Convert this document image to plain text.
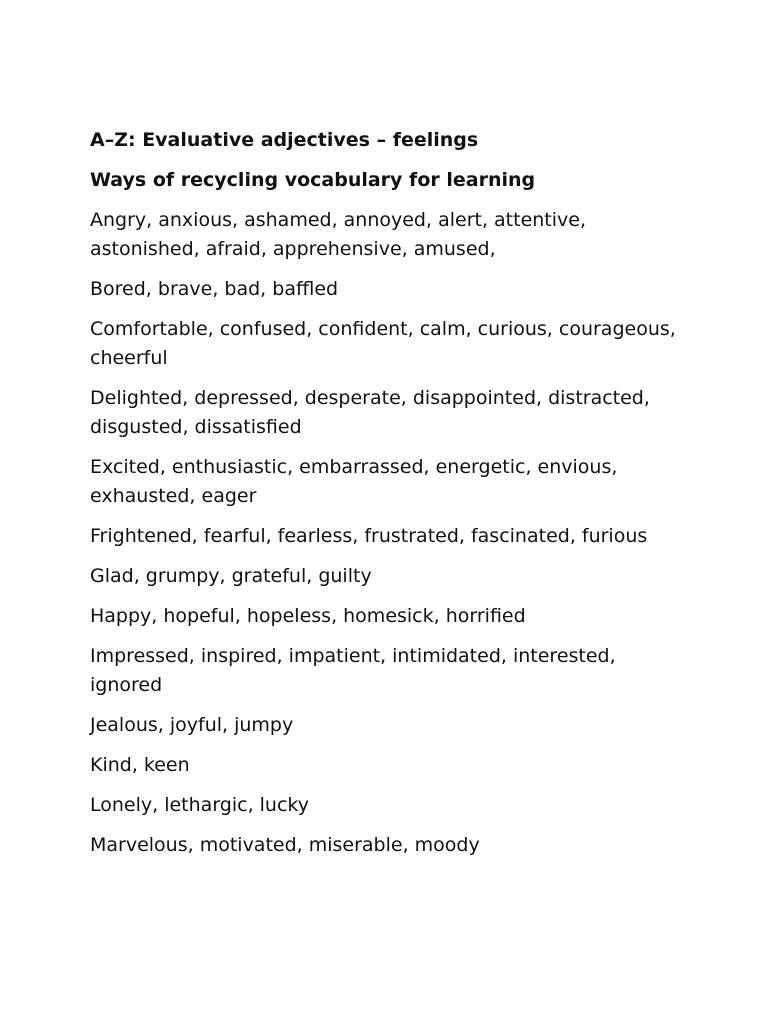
A–Z: Evaluative adjectives – feelings
Ways of recycling vocabulary for learning
Angry, anxious, ashamed, annoyed, alert, attentive, astonished, afraid, apprehensive, amused,
Bored, brave, bad, baffled
Comfortable, confused, confident, calm, curious, courageous, cheerful
Delighted, depressed, desperate, disappointed, distracted, disgusted, dissatisfied
Excited, enthusiastic, embarrassed, energetic, envious, exhausted, eager
Frightened, fearful, fearless, frustrated, fascinated, furious
Glad, grumpy, grateful, guilty
Happy, hopeful, hopeless, homesick, horrified
Impressed, inspired, impatient, intimidated, interested, ignored
Jealous, joyful, jumpy
Kind, keen
Lonely, lethargic, lucky
Marvelous, motivated, miserable, moody
